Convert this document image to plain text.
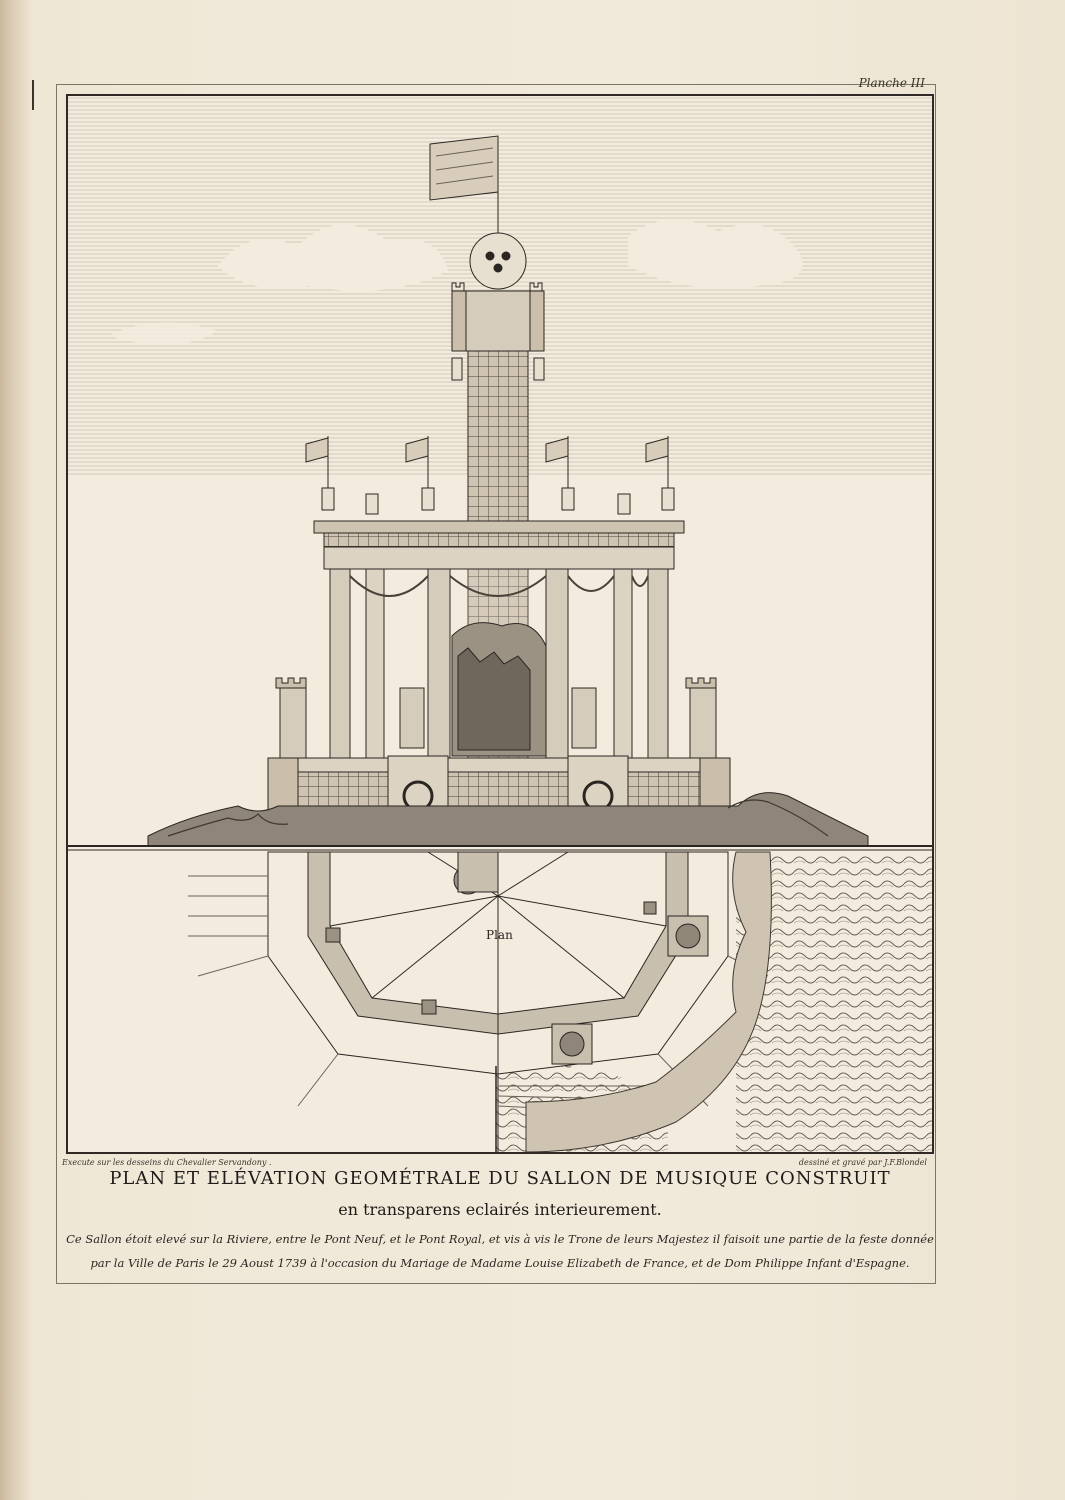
Planche III
Plan
Execute sur les desseins du Chevalier Servandony .	dessiné et gravé par J.F.Blondel
PLAN ET ELÉVATION GEOMÉTRALE DU SALLON DE MUSIQUE CONSTRUIT

en transparens eclairés interieurement.

Ce Sallon étoit elevé sur la Riviere, entre le Pont Neuf, et le Pont Royal, et vis à vis le Trone de leurs Majestez il faisoit une partie de la feste donnée

par la Ville de Paris le 29 Aoust 1739 à l'occasion du Mariage de Madame Louise Elizabeth de France, et de Dom Philippe Infant d'Espagne.
